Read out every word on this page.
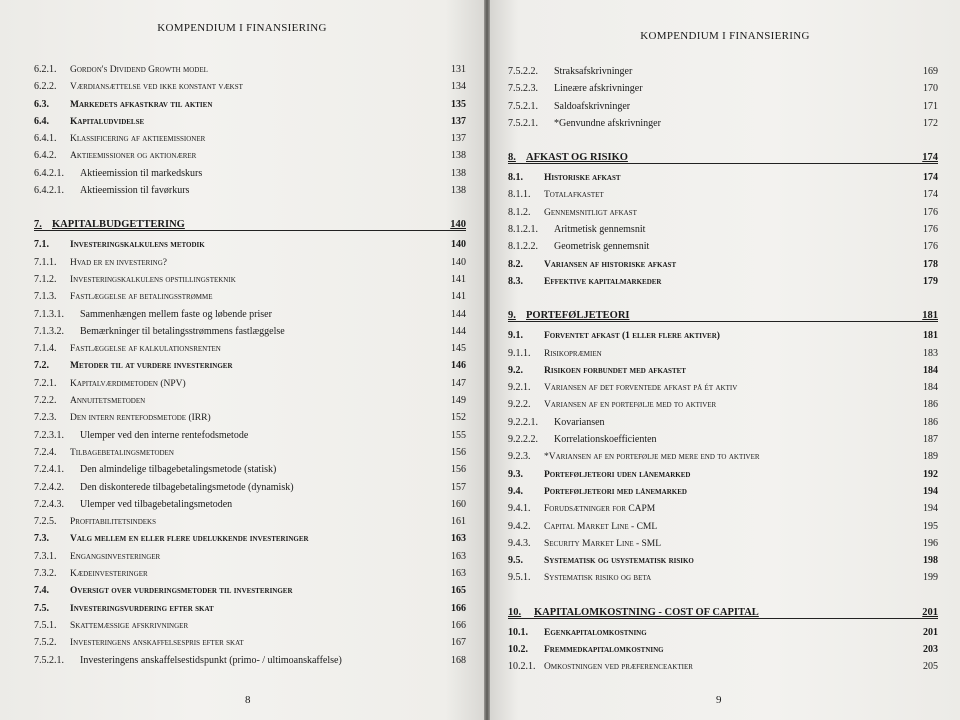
KOMPENDIUM I FINANSIERING
6.2.1.	Gordon's Dividend Growth model	131
6.2.2.	Værdiansættelse ved ikke konstant vækst	134
6.3.	Markedets afkastkrav til aktien	135
6.4.	Kapitaludvidelse	137
6.4.1.	Klassificering af aktieemissioner	137
6.4.2.	Aktieemissioner og aktionærer	138
6.4.2.1.	Aktieemission til markedskurs	138
6.4.2.1.	Aktieemission til favørkurs	138
7. KAPITALBUDGETTERING	140
7.1.	Investeringskalkulens metodik	140
7.1.1.	Hvad er en investering?	140
7.1.2.	Investeringskalkulens opstillingsteknik	141
7.1.3.	Fastlæggelse af betalingsstrømme	141
7.1.3.1.	Sammenhængen mellem faste og løbende priser	144
7.1.3.2.	Bemærkninger til betalingsstrømmens fastlæggelse	144
7.1.4.	Fastlæggelse af kalkulationsrenten	145
7.2.	Metoder til at vurdere investeringer	146
7.2.1.	Kapitalværdimetoden (NPV)	147
7.2.2.	Annuitetsmetoden	149
7.2.3.	Den intern rentefodsmetode (IRR)	152
7.2.3.1.	Ulemper ved den interne rentefodsmetode	155
7.2.4.	Tilbagebetalingsmetoden	156
7.2.4.1.	Den almindelige tilbagebetalingsmetode (statisk)	156
7.2.4.2.	Den diskonterede tilbagebetalingsmetode (dynamisk)	157
7.2.4.3.	Ulemper ved tilbagebetalingsmetoden	160
7.2.5.	Profitabilitetsindeks	161
7.3.	Valg mellem en eller flere udelukkende investeringer	163
7.3.1.	Engangsinvesteringer	163
7.3.2.	Kædeinvesteringer	163
7.4.	Oversigt over vurderingsmetoder til investeringer	165
7.5.	Investeringsvurdering efter skat	166
7.5.1.	Skattemæssige afskrivninger	166
7.5.2.	Investeringens anskaffelsespris efter skat	167
7.5.2.1.	Investeringens anskaffelsestidspunkt (primo- / ultimoanskaffelse)	168
8
KOMPENDIUM I FINANSIERING
7.5.2.2.	Straksafskrivninger	169
7.5.2.3.	Lineære afskrivninger	170
7.5.2.1.	Saldoafskrivninger	171
7.5.2.1.	*Genvundne afskrivninger	172
8. AFKAST OG RISIKO	174
8.1.	Historiske afkast	174
8.1.1.	Totalafkastet	174
8.1.2.	Gennemsnitligt afkast	176
8.1.2.1.	Aritmetisk gennemsnit	176
8.1.2.2.	Geometrisk gennemsnit	176
8.2.	Variansen af historiske afkast	178
8.3.	Effektive kapitalmarkeder	179
9. PORTEFØLJETEORI	181
9.1.	Forventet afkast (1 eller flere aktiver)	181
9.1.1.	Risikopræmien	183
9.2.	Risikoen forbundet med afkastet	184
9.2.1.	Variansen af det forventede afkast på ét aktiv	184
9.2.2.	Variansen af en portefølje med to aktiver	186
9.2.2.1.	Kovariansen	186
9.2.2.2.	Korrelationskoefficienten	187
9.2.3.	*Variansen af en portefølje med mere end to aktiver	189
9.3.	Porteføljeteori uden lånemarked	192
9.4.	Porteføljeteori med lånemarked	194
9.4.1.	Forudsætninger for CAPM	194
9.4.2.	Capital Market Line - CML	195
9.4.3.	Security Market Line - SML	196
9.5.	Systematisk og usystematisk risiko	198
9.5.1.	Systematisk risiko og beta	199
10.	KAPITALOMKOSTNING - COST OF CAPITAL	201
10.1.	Egenkapitalomkostning	201
10.2.	Fremmedkapitalomkostning	203
10.2.1. Omkostningen ved præferenceaktier	205
9
